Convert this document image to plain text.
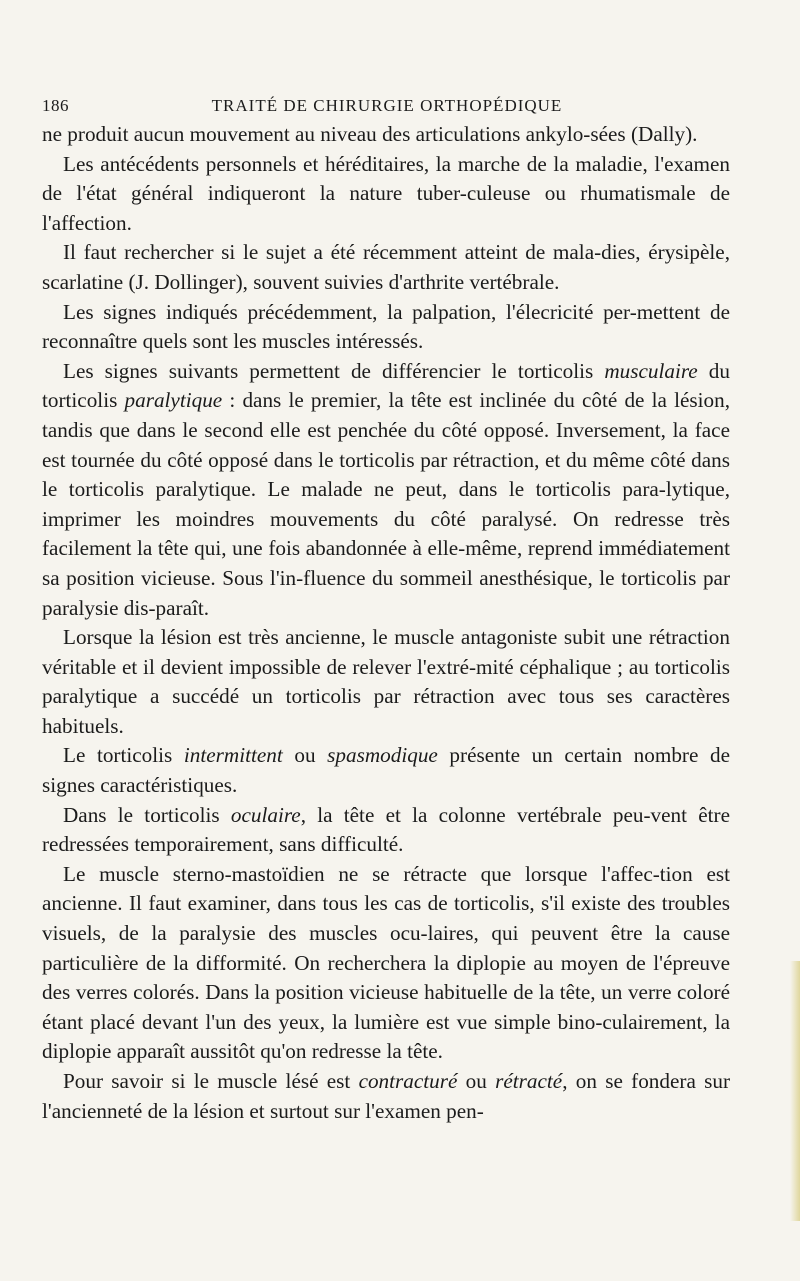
186	TRAITÉ DE CHIRURGIE ORTHOPÉDIQUE

ne produit aucun mouvement au niveau des articulations ankylo-sées (Dally).

Les antécédents personnels et héréditaires, la marche de la maladie, l'examen de l'état général indiqueront la nature tuber-culeuse ou rhumatismale de l'affection.

Il faut rechercher si le sujet a été récemment atteint de mala-dies, érysipèle, scarlatine (J. Dollinger), souvent suivies d'arthrite vertébrale.

Les signes indiqués précédemment, la palpation, l'élecricité per-mettent de reconnaître quels sont les muscles intéressés.

Les signes suivants permettent de différencier le torticolis musculaire du torticolis paralytique : dans le premier, la tête est inclinée du côté de la lésion, tandis que dans le second elle est penchée du côté opposé. Inversement, la face est tournée du côté opposé dans le torticolis par rétraction, et du même côté dans le torticolis paralytique. Le malade ne peut, dans le torticolis para-lytique, imprimer les moindres mouvements du côté paralysé. On redresse très facilement la tête qui, une fois abandonnée à elle-même, reprend immédiatement sa position vicieuse. Sous l'in-fluence du sommeil anesthésique, le torticolis par paralysie dis-paraît.

Lorsque la lésion est très ancienne, le muscle antagoniste subit une rétraction véritable et il devient impossible de relever l'extré-mité céphalique ; au torticolis paralytique a succédé un torticolis par rétraction avec tous ses caractères habituels.

Le torticolis intermittent ou spasmodique présente un certain nombre de signes caractéristiques.

Dans le torticolis oculaire, la tête et la colonne vertébrale peu-vent être redressées temporairement, sans difficulté.

Le muscle sterno-mastoïdien ne se rétracte que lorsque l'affec-tion est ancienne. Il faut examiner, dans tous les cas de torticolis, s'il existe des troubles visuels, de la paralysie des muscles ocu-laires, qui peuvent être la cause particulière de la difformité. On recherchera la diplopie au moyen de l'épreuve des verres colorés. Dans la position vicieuse habituelle de la tête, un verre coloré étant placé devant l'un des yeux, la lumière est vue simple bino-culairement, la diplopie apparaît aussitôt qu'on redresse la tête.

Pour savoir si le muscle lésé est contracturé ou rétracté, on se fondera sur l'ancienneté de la lésion et surtout sur l'examen pen-
